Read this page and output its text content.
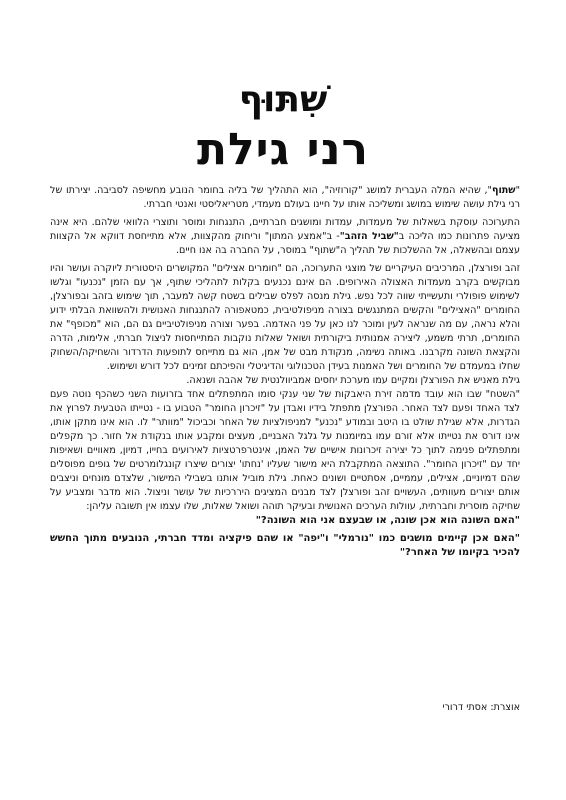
שִׁתּוּף
רני גילת

"שתוף", שהיא המלה העברית למושג "קורוזיה", הוא התהליך של בליה בחומר הנובע מחשיפה לסביבה. יצירתו של רני גילת עושה שימוש במושג ומשליכה אותו על חיינו בעולם מעמדי, מטריאליסטי ואנטי חברתי.

התערוכה עוסקת בשאלות של מעמדות, עמדות ומושגים חברתיים, התנגחות ומוסר ותוצרי הלוואי שלהם. היא אינה מציעה פתרונות כמו הליכה ב"שביל הזהב"- ב"אמצע המתון" וריחוק מהקצוות, אלא מתייחסת דווקא אל הקצוות עצמם ובהשאלה, אל ההשלכות של תהליך ה"שתוף" במוסר, על החברה בה אנו חיים.

זהב ופורצלן, המרכיבים העיקריים של מוצגי התערוכה, הם "חומרים אצילים" המקושרים היסטורית ליוקרה ועושר והיו מבוקשים בקרב מעמדות האצולה האירופים. הם אינם נכנעים בקלות לתהליכי שתוף, אך עם הזמן "נכנעו" וגלשו לשימוש פופולרי ותעשייתי שווה לכל נפש. גילת מנסה לפלס שבילים בשטח קשה למעבר, תוך שימוש בזהב ובפורצלן, החומרים "האצילים" והקשים המתנגשים בצורה מניפולטיבית, כמטאפורה להתנגחות האנושית ולהשוואת הבלתי ידוע והלא נראה, עם מה שנראה לעין ומוכר לנו כאן על פני האדמה. בפער וצורה מניפולטיביים גם הם, הוא "מכופף" את החומרים, תרתי משמע, ליצירה אמנותית ביקורתית ושואל שאלות נוקבות המתייחסות לניצול חברתי, אלימות, הדרה והקצאת השונה מקרבנו. באותה נשימה, מנקודת מבט של אמן, הוא גם מתייחס לתופעות הדרדור והשחיקה/השחוק שחלו במעמדם של החומרים ושל האמנות בעידן הטכנולוגי והדיגיטלי והפיכתם זמינים לכל דורש ושימוש.

גילת מאניש את הפורצלן ומקיים עמו מערכת יחסים אמביוולנטית של אהבה ושנאה.

"השטח" שבו הוא עובד מדמה זירת היאבקות של שני ענקי סומו המתפתלים אחד בזרועות השני כשהכף נוטה פעם לצד האחד ופעם לצד האחר. הפורצלן מתפתל בידיו ואבדן על "זיכרון החומר" הטבוע בו - נטייתו הטבעית לפרוץ את הגדרות, אלא שגילת שולט בו היטב ובמודע "נכנע" למניפולציות של האחר וכביכול "מוותר" לו. הוא אינו מתקן אותו, אינו דורס את נטייתו אלא זורם עמו במיומנות על גלגל האבניים, מעצים ומקבע אותו בנקודת אל חזור. כך מקפלים ומתפתלים פנימה לתוך כל יצירה זיכרונות אישיים של האמן, אינטרפרטציות לאירועים בחייו, דמיון, מאוויים ושאיפות יחד עם "זיכרון החומר". התוצאה המתקבלת היא מישור שעליו 'נחתו' יצורים שיצרו קונגלומרטים של גופים מפוסלים שהם דמיוניים, אצילים, עממיים, אסתטיים ושונים כאחת. גילת מוביל אותנו בשבילי המישור, שלצדם מונחים וניצבים אותם יצורים מעוותים, העשויים זהב ופורצלן לצד מבנים המציגים היררכיות של עושר וניצול. הוא מדבר ומצביע על שחיקה מוסרית וחברתית, עוולות הערכים האנושית ובעיקר תוהה ושואל שאלות, שלו עצמו אין תשובה עליהן:

"האם השונה הוא אכן שונה, או שבעצם אני הוא השונה?"

"האם אכן קיימים מושגים כמו "נורמלי" ו"יפה" או שהם פיקציה ומדד חברתי, הנובעים מתוך החשש להכיר בקיומו של האחר?"

אוצרת: אסתי דרורי
